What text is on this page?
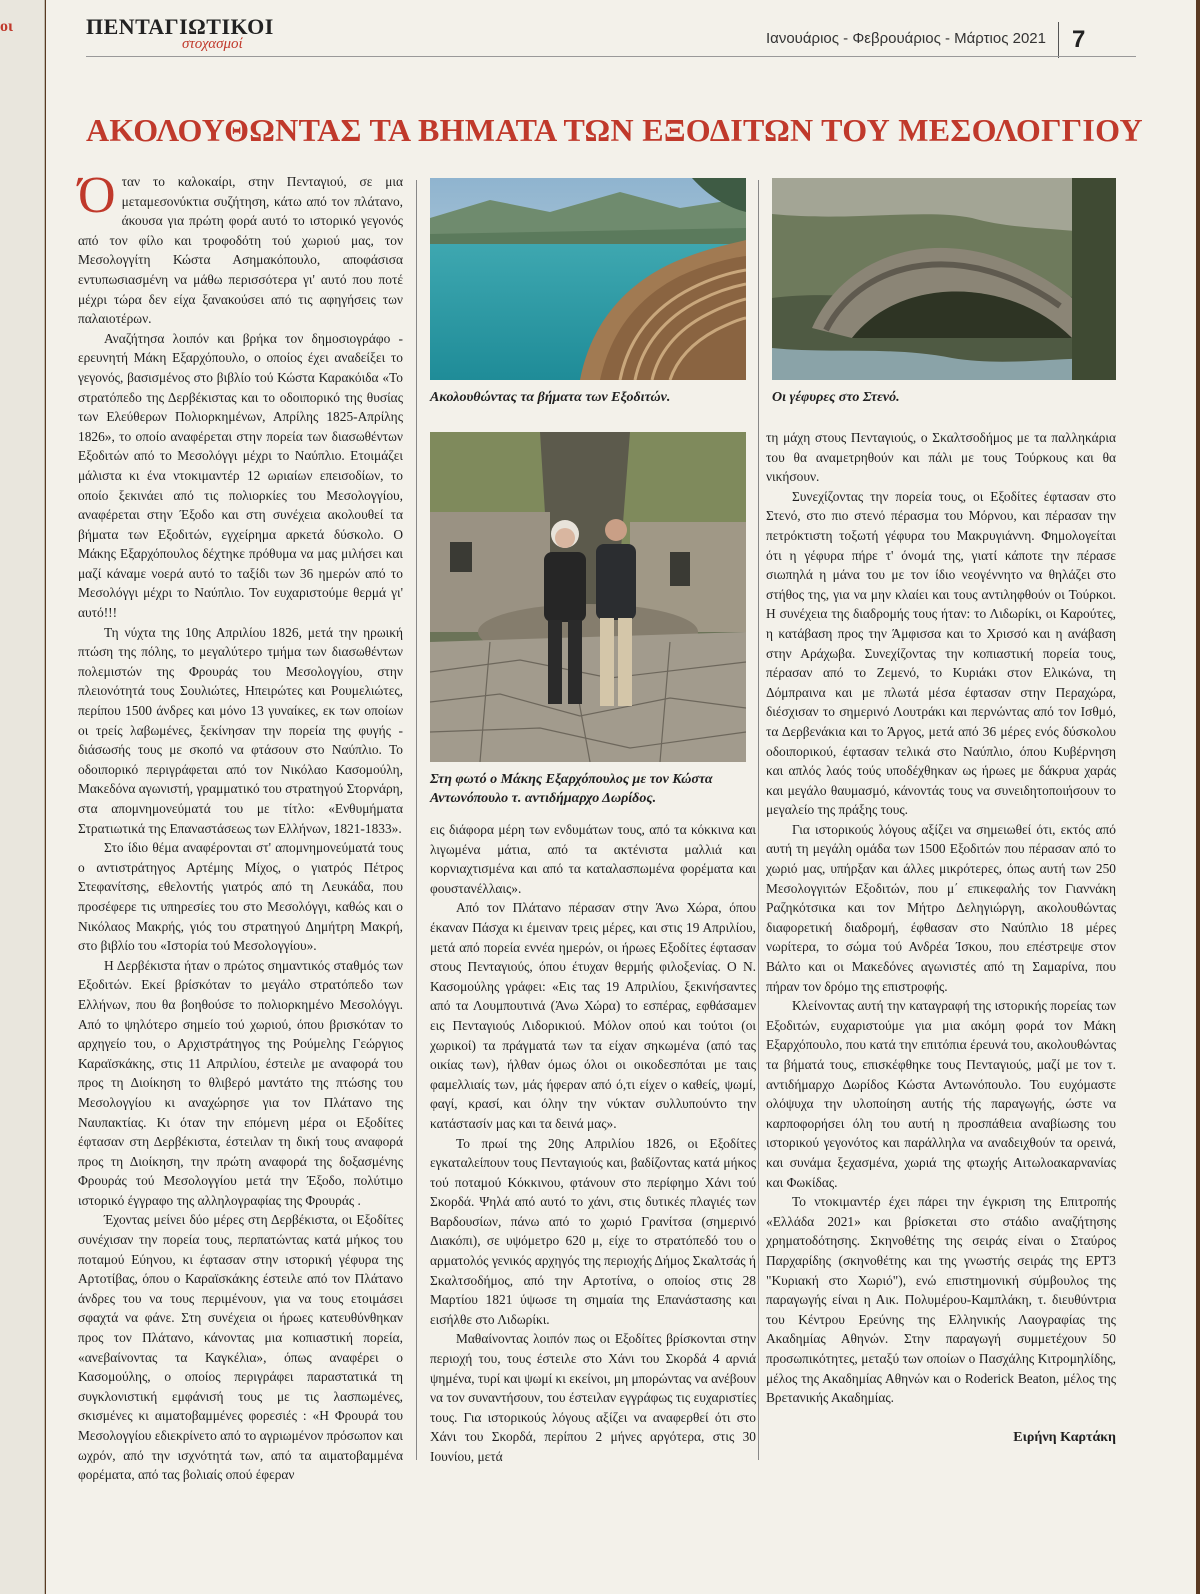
οι	ΠΕΝΤΑΓΙΩΤΙΚΟΙ
στοχασμοί	Ιανουάριος - Φεβρουάριος - Μάρτιος 2021 7
ΑΚΟΛΟΥΘΩΝΤΑΣ ΤΑ ΒΗΜΑΤΑ ΤΩΝ ΕΞΟΔΙΤΩΝ ΤΟΥ ΜΕΣΟΛΟΓΓΙΟΥ

Όταν το καλοκαίρι, στην Πενταγιού, σε μια μεταμεσονύκτια συζήτηση, κάτω από τον πλάτανο, άκουσα για πρώτη φορά αυτό το ιστορικό γεγονός από τον φίλο και τροφοδότη τού χωριού μας, τον Μεσολογγίτη Κώστα Ασημακόπουλο, αποφάσισα εντυπωσιασμένη να μάθω περισσότερα γι' αυτό που ποτέ μέχρι τώρα δεν είχα ξανακούσει από τις αφηγήσεις των παλαιοτέρων.

Αναζήτησα λοιπόν και βρήκα τον δημοσιογράφο - ερευνητή Μάκη Εξαρχόπουλο, ο οποίος έχει αναδείξει το γεγονός, βασισμένος στο βιβλίο τού Κώστα Καρακόιδα «Το στρατόπεδο της Δερβέκιστας και το οδοιπορικό της θυσίας των Ελεύθερων Πολιορκημένων, Απρίλης 1825-Απρίλης 1826», το οποίο αναφέρεται στην πορεία των διασωθέντων Εξοδιτών από το Μεσολόγγι μέχρι το Ναύπλιο. Ετοιμάζει μάλιστα κι ένα ντοκιμαντέρ 12 ωριαίων επεισοδίων, το οποίο ξεκινάει από τις πολιορκίες του Μεσολογγίου, αναφέρεται στην Έξοδο και στη συνέχεια ακολουθεί τα βήματα των Εξοδιτών, εγχείρημα αρκετά δύσκολο. Ο Μάκης Εξαρχόπουλος δέχτηκε πρόθυμα να μας μιλήσει και μαζί κάναμε νοερά αυτό το ταξίδι των 36 ημερών από το Μεσολόγγι μέχρι το Ναύπλιο. Τον ευχαριστούμε θερμά γι' αυτό!!!

Τη νύχτα της 10ης Απριλίου 1826, μετά την ηρωική πτώση της πόλης, το μεγαλύτερο τμήμα των διασωθέντων πολεμιστών της Φρουράς του Μεσολογγίου, στην πλειονότητά τους Σουλιώτες, Ηπειρώτες και Ρουμελιώτες, περίπου 1500 άνδρες και μόνο 13 γυναίκες, εκ των οποίων οι τρείς λαβωμένες, ξεκίνησαν την πορεία της φυγής - διάσωσής τους με σκοπό να φτάσουν στο Ναύπλιο. Το οδοιπορικό περιγράφεται από τον Νικόλαο Κασομούλη, Μακεδόνα αγωνιστή, γραμματικό του στρατηγού Στορνάρη, στα απομνημονεύματά του με τίτλο: «Ενθυμήματα Στρατιωτικά της Επαναστάσεως των Ελλήνων, 1821-1833».

Στο ίδιο θέμα αναφέρονται στ' απομνημονεύματά τους ο αντιστράτηγος Αρτέμης Μίχος, ο γιατρός Πέτρος Στεφανίτσης, εθελοντής γιατρός από τη Λευκάδα, που προσέφερε τις υπηρεσίες του στο Μεσολόγγι, καθώς και ο Νικόλαος Μακρής, γιός του στρατηγού Δημήτρη Μακρή, στο βιβλίο του «Ιστορία τού Μεσολογγίου».

Η Δερβέκιστα ήταν ο πρώτος σημαντικός σταθμός των Εξοδιτών. Εκεί βρίσκόταν το μεγάλο στρατόπεδο των Ελλήνων, που θα βοηθούσε το πολιορκημένο Μεσολόγγι. Από το ψηλότερο σημείο τού χωριού, όπου βρισκόταν το αρχηγείο του, ο Αρχιστράτηγος της Ρούμελης Γεώργιος Καραϊσκάκης, στις 11 Απριλίου, έστειλε με αναφορά του προς τη Διοίκηση το θλιβερό μαντάτο της πτώσης του Μεσολογγίου κι αναχώρησε για τον Πλάτανο της Ναυπακτίας. Κι όταν την επόμενη μέρα οι Εξοδίτες έφτασαν στη Δερβέκιστα, έστειλαν τη δική τους αναφορά προς τη Διοίκηση, την πρώτη αναφορά της δοξασμένης Φρουράς τού Μεσολογγίου μετά την Έξοδο, πολύτιμο ιστορικό έγγραφο της αλληλογραφίας της Φρουράς .

Έχοντας μείνει δύο μέρες στη Δερβέκιστα, οι Εξοδίτες συνέχισαν την πορεία τους, περπατώντας κατά μήκος του ποταμού Εύηνου, κι έφτασαν στην ιστορική γέφυρα της Αρτοτίβας, όπου ο Καραϊσκάκης έστειλε από τον Πλάτανο άνδρες του να τους περιμένουν, για να τους ετοιμάσει σφαχτά να φάνε. Στη συνέχεια οι ήρωες κατευθύνθηκαν προς τον Πλάτανο, κάνοντας μια κοπιαστική πορεία, «ανεβαίνοντας τα Καγκέλια», όπως αναφέρει ο Κασομούλης, ο οποίος περιγράφει παραστατικά τη συγκλονιστική εμφάνισή τους με τις λασπωμένες, σκισμένες κι αιματοβαμμένες φορεσιές : «Η Φρουρά του Μεσολογγίου εδιεκρίνετο από το αγριωμένον πρόσωπον και ωχρόν, από την ισχνότητά των, από τα αιματοβαμμένα φορέματα, από τας βολιαίς οπού έφεραν

Ακολουθώντας τα βήματα των Εξοδιτών.	Οι γέφυρες στο Στενό.
Στη φωτό ο Μάκης Εξαρχόπουλος με τον Κώστα Αντωνόπουλο τ. αντιδήμαρχο Δωρίδος.

εις διάφορα μέρη των ενδυμάτων τους, από τα κόκκινα και λιγωμένα μάτια, από τα ακτένιστα μαλλιά και κορνιαχτισμένα και από τα καταλασπωμένα φορέματα και φουστανέλλαις».

Από τον Πλάτανο πέρασαν στην Άνω Χώρα, όπου έκαναν Πάσχα κι έμειναν τρεις μέρες, και στις 19 Απριλίου, μετά από πορεία εννέα ημερών, οι ήρωες Εξοδίτες έφτασαν στους Πενταγιούς, όπου έτυχαν θερμής φιλοξενίας. Ο Ν. Κασομούλης γράφει: «Εις τας 19 Απριλίου, ξεκινήσαντες από τα Λουμπουτινά (Άνω Χώρα) το εσπέρας, εφθάσαμεν εις Πενταγιούς Λιδορικιού. Μόλον οπού και τούτοι (οι χωρικοί) τα πράγματά των τα είχαν σηκωμένα (από τας οικίας των), ήλθαν όμως όλοι οι οικοδεσπόται με ταις φαμελλιαίς των, μάς ήφεραν από ό,τι είχεν ο καθείς, ψωμί, φαγί, κρασί, και όλην την νύκταν συλλυπούντο την κατάστασίν μας και τα δεινά μας».

Το πρωί της 20ης Απριλίου 1826, οι Εξοδίτες εγκαταλείπουν τους Πενταγιούς και, βαδίζοντας κατά μήκος τού ποταμού Κόκκινου, φτάνουν στο περίφημο Χάνι τού Σκορδά. Ψηλά από αυτό το χάνι, στις δυτικές πλαγιές των Βαρδουσίων, πάνω από το χωριό Γρανίτσα (σημερινό Διακόπι), σε υψόμετρο 620 μ, είχε το στρατόπεδό του ο αρματολός γενικός αρχηγός της περιοχής Δήμος Σκαλτσάς ή Σκαλτσοδήμος, από την Αρτοτίνα, ο οποίος στις 28 Μαρτίου 1821 ύψωσε τη σημαία της Επανάστασης και εισήλθε στο Λιδωρίκι.

Μαθαίνοντας λοιπόν πως οι Εξοδίτες βρίσκονται στην περιοχή του, τους έστειλε στο Χάνι του Σκορδά 4 αρνιά ψημένα, τυρί και ψωμί κι εκείνοι, μη μπορώντας να ανέβουν να τον συναντήσουν, του έστειλαν εγγράφως τις ευχαριστίες τους. Για ιστορικούς λόγους αξίζει να αναφερθεί ότι στο Χάνι του Σκορδά, περίπου 2 μήνες αργότερα, στις 30 Ιουνίου, μετά

τη μάχη στους Πενταγιούς, ο Σκαλτσοδήμος με τα παλληκάρια του θα αναμετρηθούν και πάλι με τους Τούρκους και θα νικήσουν.

Συνεχίζοντας την πορεία τους, οι Εξοδίτες έφτασαν στο Στενό, στο πιο στενό πέρασμα του Μόρνου, και πέρασαν την πετρόκτιστη τοξωτή γέφυρα του Μακρυγιάννη. Φημολογείται ότι η γέφυρα πήρε τ' όνομά της, γιατί κάποτε την πέρασε σιωπηλά η μάνα του με τον ίδιο νεογέννητο να θηλάζει στο στήθος της, για να μην κλαίει και τους αντιληφθούν οι Τούρκοι. Η συνέχεια της διαδρομής τους ήταν: το Λιδωρίκι, οι Καρούτες, η κατάβαση προς την Άμφισσα και το Χρισσό και η ανάβαση στην Αράχωβα. Συνεχίζοντας την κοπιαστική πορεία τους, πέρασαν από το Ζεμενό, το Κυριάκι στον Ελικώνα, τη Δόμπραινα και με πλωτά μέσα έφτασαν στην Περαχώρα, διέσχισαν το σημερινό Λουτράκι και περνώντας από τον Ισθμό, τα Δερβενάκια και το Άργος, μετά από 36 μέρες ενός δύσκολου οδοιπορικού, έφτασαν τελικά στο Ναύπλιο, όπου Κυβέρνηση και απλός λαός τούς υποδέχθηκαν ως ήρωες με δάκρυα χαράς και μεγάλο θαυμασμό, κάνοντάς τους να συνειδητοποιήσουν το μεγαλείο της πράξης τους.

Για ιστορικούς λόγους αξίζει να σημειωθεί ότι, εκτός από αυτή τη μεγάλη ομάδα των 1500 Εξοδιτών που πέρασαν από το χωριό μας, υπήρξαν και άλλες μικρότερες, όπως αυτή των 250 Μεσολογγιτών Εξοδιτών, που μ΄ επικεφαλής τον Γιαννάκη Ραζηκότσικα και τον Μήτρο Δεληγιώργη, ακολουθώντας διαφορετική διαδρομή, έφθασαν στο Ναύπλιο 18 μέρες νωρίτερα, το σώμα τού Ανδρέα Ίσκου, που επέστρεψε στον Βάλτο και οι Μακεδόνες αγωνιστές από τη Σαμαρίνα, που πήραν τον δρόμο της επιστροφής.

Κλείνοντας αυτή την καταγραφή της ιστορικής πορείας των Εξοδιτών, ευχαριστούμε για μια ακόμη φορά τον Μάκη Εξαρχόπουλο, που κατά την επιτόπια έρευνά του, ακολουθώντας τα βήματά τους, επισκέφθηκε τους Πενταγιούς, μαζί με τον τ. αντιδήμαρχο Δωρίδος Κώστα Αντωνόπουλο. Του ευχόμαστε ολόψυχα την υλοποίηση αυτής τής παραγωγής, ώστε να καρποφορήσει όλη του αυτή η προσπάθεια αναβίωσης του ιστορικού γεγονότος και παράλληλα να αναδειχθούν τα ορεινά, και συνάμα ξεχασμένα, χωριά της φτωχής Αιτωλοακαρνανίας και Φωκίδας.

Το ντοκιμαντέρ έχει πάρει την έγκριση της Επιτροπής «Ελλάδα 2021» και βρίσκεται στο στάδιο αναζήτησης χρηματοδότησης. Σκηνοθέτης της σειράς είναι ο Σταύρος Παρχαρίδης (σκηνοθέτης και της γνωστής σειράς της ΕΡΤ3 "Κυριακή στο Χωριό"), ενώ επιστημονική σύμβουλος της παραγωγής είναι η Αικ. Πολυμέρου-Καμπλάκη, τ. διευθύντρια του Κέντρου Ερεύνης της Ελληνικής Λαογραφίας της Ακαδημίας Αθηνών. Στην παραγωγή συμμετέχουν 50 προσωπικότητες, μεταξύ των οποίων ο Πασχάλης Κιτρομηλίδης, μέλος της Ακαδημίας Αθηνών και ο Roderick Beaton, μέλος της Βρετανικής Ακαδημίας.

Ειρήνη Καρτάκη
